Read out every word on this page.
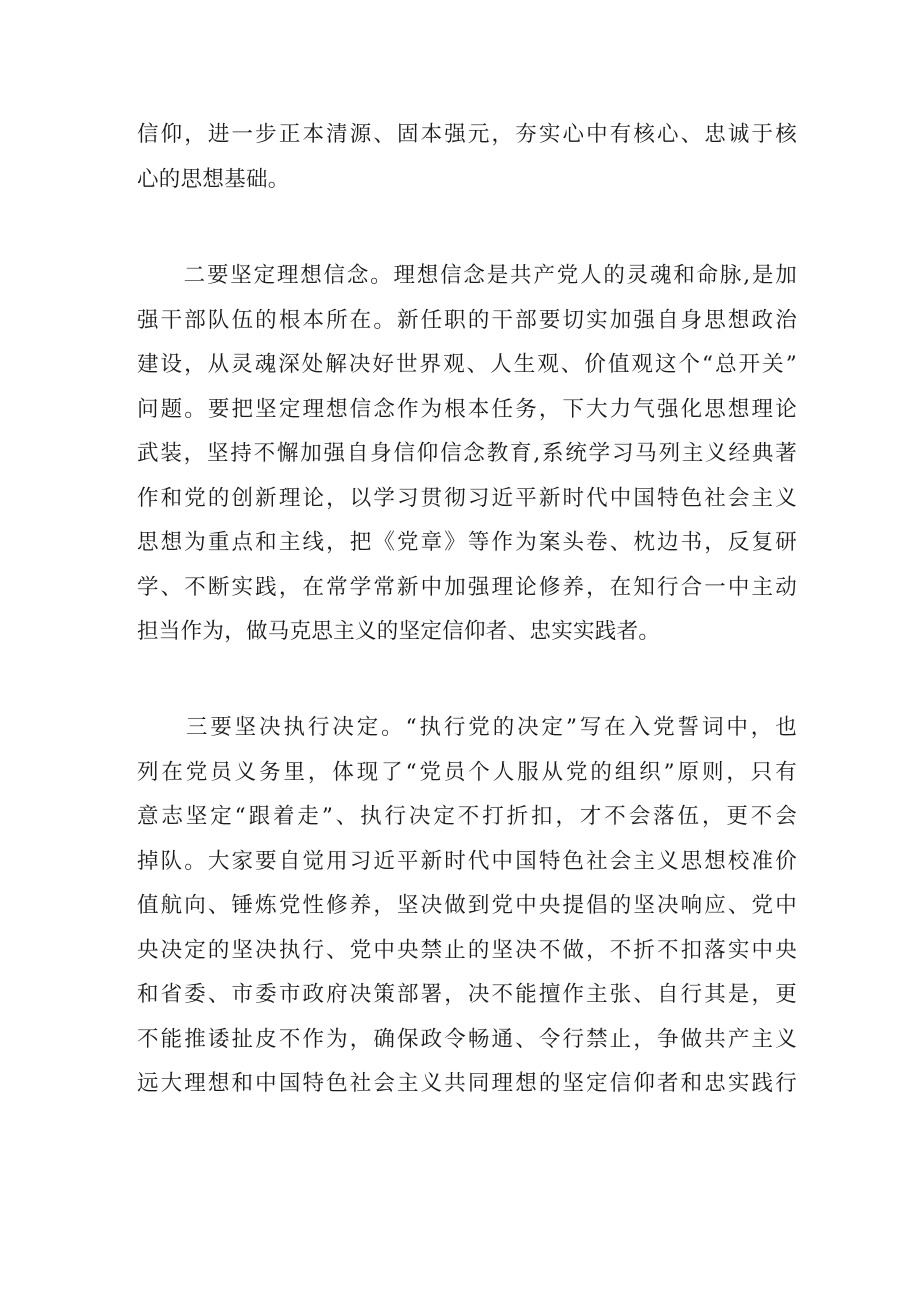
信仰，进一步正本清源、固本强元，夯实心中有核心、忠诚于核
心的思想基础。

　　二要坚定理想信念。理想信念是共产党人的灵魂和命脉,是加
强干部队伍的根本所在。新任职的干部要切实加强自身思想政治
建设，从灵魂深处解决好世界观、人生观、价值观这个“总开关”
问题。要把坚定理想信念作为根本任务，下大力气强化思想理论
武装，坚持不懈加强自身信仰信念教育,系统学习马列主义经典著
作和党的创新理论，以学习贯彻习近平新时代中国特色社会主义
思想为重点和主线，把《党章》等作为案头卷、枕边书，反复研
学、不断实践，在常学常新中加强理论修养，在知行合一中主动
担当作为，做马克思主义的坚定信仰者、忠实实践者。

　　三要坚决执行决定。“执行党的决定”写在入党誓词中，也
列在党员义务里，体现了“党员个人服从党的组织”原则，只有
意志坚定“跟着走”、执行决定不打折扣，才不会落伍，更不会
掉队。大家要自觉用习近平新时代中国特色社会主义思想校准价
值航向、锤炼党性修养，坚决做到党中央提倡的坚决响应、党中
央决定的坚决执行、党中央禁止的坚决不做，不折不扣落实中央
和省委、市委市政府决策部署，决不能擅作主张、自行其是，更
不能推诿扯皮不作为，确保政令畅通、令行禁止，争做共产主义
远大理想和中国特色社会主义共同理想的坚定信仰者和忠实践行
